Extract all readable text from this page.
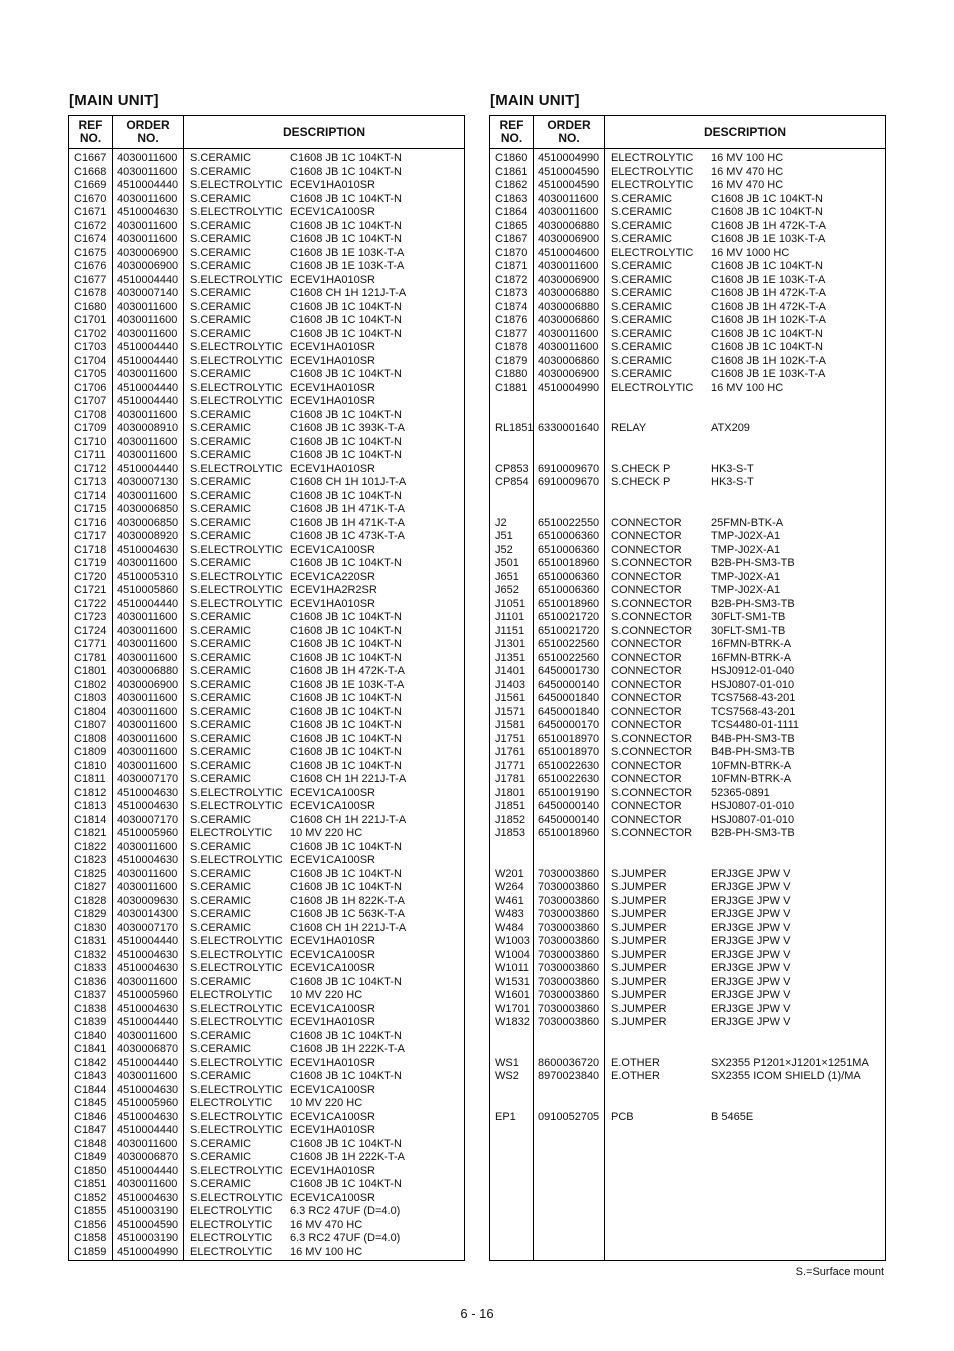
[MAIN UNIT]
REF
NO.
ORDER
NO.	DESCRIPTION
C1667 4030011600 S.CERAMIC	C1608 JB 1C 104KT-N
C1668 4030011600 S.CERAMIC	C1608 JB 1C 104KT-N
C1669 4510004440 S.ELECTROLYTIC ECEV1HA010SR
C1670 4030011600 S.CERAMIC	C1608 JB 1C 104KT-N
C1671 4510004630 S.ELECTROLYTIC ECEV1CA100SR
C1672 4030011600 S.CERAMIC	C1608 JB 1C 104KT-N
C1674 4030011600 S.CERAMIC	C1608 JB 1C 104KT-N
C1675 4030006900 S.CERAMIC	C1608 JB 1E 103K-T-A
C1676 4030006900 S.CERAMIC	C1608 JB 1E 103K-T-A
C1677 4510004440 S.ELECTROLYTIC ECEV1HA010SR
C1678 4030007140 S.CERAMIC	C1608 CH 1H 121J-T-A
C1680 4030011600 S.CERAMIC	C1608 JB 1C 104KT-N
C1701 4030011600 S.CERAMIC	C1608 JB 1C 104KT-N
C1702 4030011600 S.CERAMIC	C1608 JB 1C 104KT-N
C1703 4510004440 S.ELECTROLYTIC ECEV1HA010SR
C1704 4510004440 S.ELECTROLYTIC ECEV1HA010SR
C1705 4030011600 S.CERAMIC	C1608 JB 1C 104KT-N
C1706 4510004440 S.ELECTROLYTIC ECEV1HA010SR
C1707 4510004440 S.ELECTROLYTIC ECEV1HA010SR
C1708 4030011600 S.CERAMIC	C1608 JB 1C 104KT-N
C1709 4030008910 S.CERAMIC	C1608 JB 1C 393K-T-A
C1710 4030011600 S.CERAMIC	C1608 JB 1C 104KT-N
C1711 4030011600 S.CERAMIC	C1608 JB 1C 104KT-N
C1712 4510004440 S.ELECTROLYTIC ECEV1HA010SR
C1713 4030007130 S.CERAMIC	C1608 CH 1H 101J-T-A
C1714 4030011600 S.CERAMIC	C1608 JB 1C 104KT-N
C1715 4030006850 S.CERAMIC	C1608 JB 1H 471K-T-A
C1716 4030006850 S.CERAMIC	C1608 JB 1H 471K-T-A
C1717 4030008920 S.CERAMIC	C1608 JB 1C 473K-T-A
C1718 4510004630 S.ELECTROLYTIC ECEV1CA100SR
C1719 4030011600 S.CERAMIC	C1608 JB 1C 104KT-N
C1720 4510005310 S.ELECTROLYTIC ECEV1CA220SR
C1721 4510005860 S.ELECTROLYTIC ECEV1HA2R2SR
C1722 4510004440 S.ELECTROLYTIC ECEV1HA010SR
C1723 4030011600 S.CERAMIC	C1608 JB 1C 104KT-N
C1724 4030011600 S.CERAMIC	C1608 JB 1C 104KT-N
C1771 4030011600 S.CERAMIC	C1608 JB 1C 104KT-N
C1781 4030011600 S.CERAMIC	C1608 JB 1C 104KT-N
C1801 4030006880 S.CERAMIC	C1608 JB 1H 472K-T-A
C1802 4030006900 S.CERAMIC	C1608 JB 1E 103K-T-A
C1803 4030011600 S.CERAMIC	C1608 JB 1C 104KT-N
C1804 4030011600 S.CERAMIC	C1608 JB 1C 104KT-N
C1807 4030011600 S.CERAMIC	C1608 JB 1C 104KT-N
C1808 4030011600 S.CERAMIC	C1608 JB 1C 104KT-N
C1809 4030011600 S.CERAMIC	C1608 JB 1C 104KT-N
C1810 4030011600 S.CERAMIC	C1608 JB 1C 104KT-N
C1811 4030007170 S.CERAMIC	C1608 CH 1H 221J-T-A
C1812 4510004630 S.ELECTROLYTIC ECEV1CA100SR
C1813 4510004630 S.ELECTROLYTIC ECEV1CA100SR
C1814 4030007170 S.CERAMIC	C1608 CH 1H 221J-T-A
C1821 4510005960 ELECTROLYTIC 10 MV 220 HC
C1822 4030011600 S.CERAMIC	C1608 JB 1C 104KT-N
C1823 4510004630 S.ELECTROLYTIC ECEV1CA100SR
C1825 4030011600 S.CERAMIC	C1608 JB 1C 104KT-N
C1827 4030011600 S.CERAMIC	C1608 JB 1C 104KT-N
C1828 4030009630 S.CERAMIC	C1608 JB 1H 822K-T-A
C1829 4030014300 S.CERAMIC	C1608 JB 1C 563K-T-A
C1830 4030007170 S.CERAMIC	C1608 CH 1H 221J-T-A
C1831 4510004440 S.ELECTROLYTIC ECEV1HA010SR
C1832 4510004630 S.ELECTROLYTIC ECEV1CA100SR
C1833 4510004630 S.ELECTROLYTIC ECEV1CA100SR
C1836 4030011600 S.CERAMIC	C1608 JB 1C 104KT-N
C1837 4510005960 ELECTROLYTIC 10 MV 220 HC
C1838 4510004630 S.ELECTROLYTIC ECEV1CA100SR
C1839 4510004440 S.ELECTROLYTIC ECEV1HA010SR
C1840 4030011600 S.CERAMIC	C1608 JB 1C 104KT-N
C1841 4030006870 S.CERAMIC	C1608 JB 1H 222K-T-A
C1842 4510004440 S.ELECTROLYTIC ECEV1HA010SR
C1843 4030011600 S.CERAMIC	C1608 JB 1C 104KT-N
C1844 4510004630 S.ELECTROLYTIC ECEV1CA100SR
C1845 4510005960 ELECTROLYTIC 10 MV 220 HC
C1846 4510004630 S.ELECTROLYTIC ECEV1CA100SR
C1847 4510004440 S.ELECTROLYTIC ECEV1HA010SR
C1848 4030011600 S.CERAMIC	C1608 JB 1C 104KT-N
C1849 4030006870 S.CERAMIC	C1608 JB 1H 222K-T-A
C1850 4510004440 S.ELECTROLYTIC ECEV1HA010SR
C1851 4030011600 S.CERAMIC	C1608 JB 1C 104KT-N
C1852 4510004630 S.ELECTROLYTIC ECEV1CA100SR
C1855 4510003190 ELECTROLYTIC 6.3 RC2 47UF (D=4.0)
C1856 4510004590 ELECTROLYTIC 16 MV 470 HC
C1858 4510003190 ELECTROLYTIC 6.3 RC2 47UF (D=4.0)
C1859 4510004990 ELECTROLYTIC 16 MV 100 HC
[MAIN UNIT]
REF
NO.
ORDER
NO.	DESCRIPTION
C1860 4510004990 ELECTROLYTIC 16 MV 100 HC
C1861 4510004590 ELECTROLYTIC 16 MV 470 HC
C1862 4510004590 ELECTROLYTIC 16 MV 470 HC
C1863 4030011600 S.CERAMIC	C1608 JB 1C 104KT-N
C1864 4030011600 S.CERAMIC	C1608 JB 1C 104KT-N
C1865 4030006880 S.CERAMIC	C1608 JB 1H 472K-T-A
C1867 4030006900 S.CERAMIC	C1608 JB 1E 103K-T-A
C1870 4510004600 ELECTROLYTIC 16 MV 1000 HC
C1871 4030011600 S.CERAMIC	C1608 JB 1C 104KT-N
C1872 4030006900 S.CERAMIC	C1608 JB 1E 103K-T-A
C1873 4030006880 S.CERAMIC	C1608 JB 1H 472K-T-A
C1874 4030006880 S.CERAMIC	C1608 JB 1H 472K-T-A
C1876 4030006860 S.CERAMIC	C1608 JB 1H 102K-T-A
C1877 4030011600 S.CERAMIC	C1608 JB 1C 104KT-N
C1878 4030011600 S.CERAMIC	C1608 JB 1C 104KT-N
C1879 4030006860 S.CERAMIC	C1608 JB 1H 102K-T-A
C1880 4030006900 S.CERAMIC	C1608 JB 1E 103K-T-A
C1881 4510004990 ELECTROLYTIC 16 MV 100 HC
RL1851 6330001640 RELAY	ATX209
CP853 6910009670 S.CHECK P	HK3-S-T
CP854 6910009670 S.CHECK P	HK3-S-T
J2	6510022550 CONNECTOR	25FMN-BTK-A
J51 6510006360 CONNECTOR	TMP-J02X-A1
J52 6510006360 CONNECTOR	TMP-J02X-A1
J501 6510018960 S.CONNECTOR B2B-PH-SM3-TB
J651 6510006360 CONNECTOR	TMP-J02X-A1
J652 6510006360 CONNECTOR	TMP-J02X-A1
J1051 6510018960 S.CONNECTOR B2B-PH-SM3-TB
J1101 6510021720 S.CONNECTOR 30FLT-SM1-TB
J1151 6510021720 S.CONNECTOR 30FLT-SM1-TB
J1301 6510022560 CONNECTOR	16FMN-BTRK-A
J1351 6510022560 CONNECTOR	16FMN-BTRK-A
J1401 6450001730 CONNECTOR	HSJ0912-01-040
J1403 6450000140 CONNECTOR	HSJ0807-01-010
J1561 6450001840 CONNECTOR	TCS7568-43-201
J1571 6450001840 CONNECTOR	TCS7568-43-201
J1581 6450000170 CONNECTOR	TCS4480-01-1111
J1751 6510018970 S.CONNECTOR B4B-PH-SM3-TB
J1761 6510018970 S.CONNECTOR B4B-PH-SM3-TB
J1771 6510022630 CONNECTOR	10FMN-BTRK-A
J1781 6510022630 CONNECTOR	10FMN-BTRK-A
J1801 6510019190 S.CONNECTOR 52365-0891
J1851 6450000140 CONNECTOR	HSJ0807-01-010
J1852 6450000140 CONNECTOR	HSJ0807-01-010
J1853 6510018960 S.CONNECTOR B2B-PH-SM3-TB
W201 7030003860 S.JUMPER	ERJ3GE JPW V
W264 7030003860 S.JUMPER	ERJ3GE JPW V
W461 7030003860 S.JUMPER	ERJ3GE JPW V
W483 7030003860 S.JUMPER	ERJ3GE JPW V
W484 7030003860 S.JUMPER	ERJ3GE JPW V
W1003 7030003860 S.JUMPER	ERJ3GE JPW V
W1004 7030003860 S.JUMPER	ERJ3GE JPW V
W1011 7030003860 S.JUMPER	ERJ3GE JPW V
W1531 7030003860 S.JUMPER	ERJ3GE JPW V
W1601 7030003860 S.JUMPER	ERJ3GE JPW V
W1701 7030003860 S.JUMPER	ERJ3GE JPW V
W1832 7030003860 S.JUMPER	ERJ3GE JPW V
WS1 8600036720 E.OTHER	SX2355 P1201×J1201×1251MA
WS2 8970023840 E.OTHER	SX2355 ICOM SHIELD (1)/MA
EP1 0910052705 PCB	B 5465E
S.=Surface mount
6 - 16
